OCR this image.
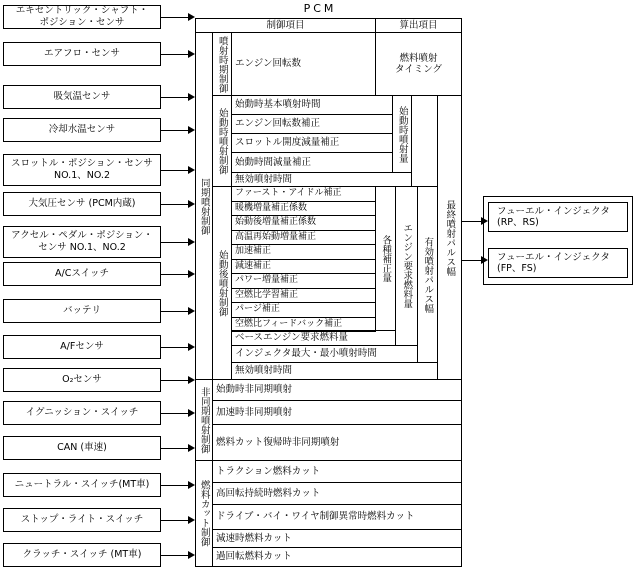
PCM
エキセントリック・シャフト・
ポジション・センサ
エアフロ・センサ
吸気温センサ
冷却水温センサ
スロットル・ポジション・センサ
NO.1、NO.2
大気圧センサ (PCM内蔵)
アクセル・ペダル・ポジション・
センサ NO.1、NO.2
A/Cスイッチ
バッテリ
A/Fセンサ
O₂センサ
イグニッション・スイッチ
CAN (車速)
ニュートラル・スイッチ(MT車)
ストップ・ライト・スイッチ
クラッチ・スイッチ (MT車)
制御項目	算出項目
同期噴射制御
非同期噴射制御
燃料カット制御
噴射時期制御 エンジン回転数
燃料噴射
タイミング
始動時噴射制御
始動時基本噴射時間
エンジン回転数補正
スロットル開度減量補正
始動時間減量補正	始動時噴射量
無効噴射時間
始動後噴射制御
ファースト・アイドル補正
暖機増量補正係数
始動後増量補正係数
高温再始動増量補正
加速補正
減速補正
パワー増量補正
空燃比学習補正
パージ補正
空燃比フィードバック補正
各種補正量
ベースエンジン要求燃料量
エンジン要求燃料量
インジェクタ最大・最小噴射時間
有効噴射パルス幅
無効噴射時間
最終噴射パルス幅
始動時非同期噴射
加速時非同期噴射
燃料カット復帰時非同期噴射
トラクション燃料カット
高回転持続時燃料カット
ドライブ・バイ・ワイヤ制御異常時燃料カット
減速時燃料カット
過回転燃料カット
フューエル・インジェクタ
(RP、RS)
フューエル・インジェクタ
(FP、FS)
